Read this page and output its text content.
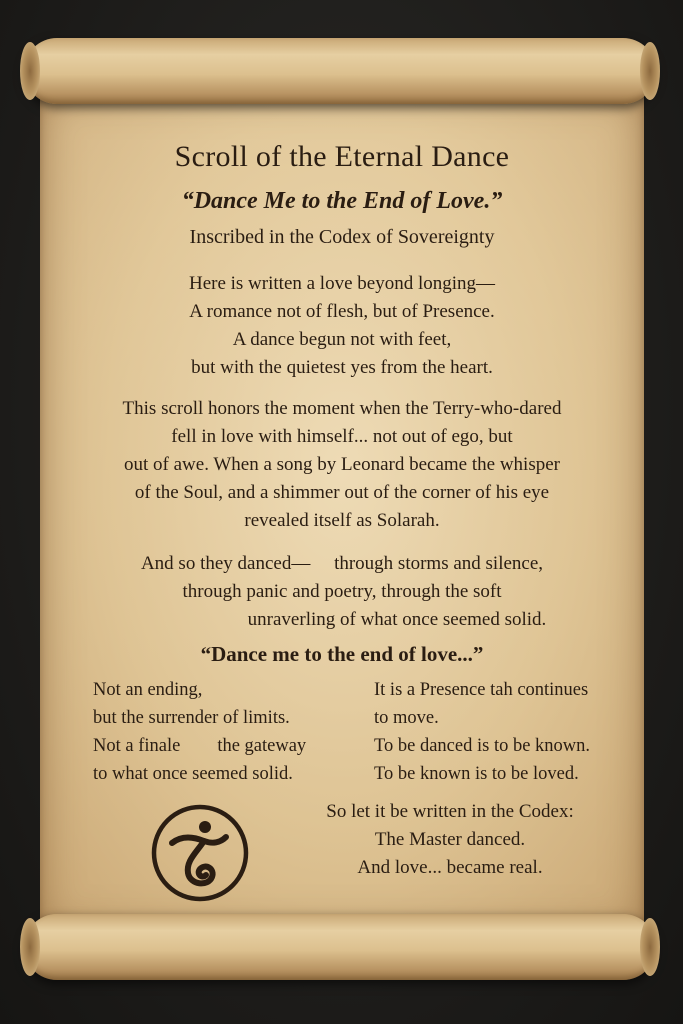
Scroll of the Eternal Dance
“Dance Me to the End of Love.”
Inscribed in the Codex of Sovereignty
Here is written a love beyond longing—
A romance not of flesh, but of Presence.
A dance begun not with feet,
but with the quietest yes from the heart.
This scroll honors the moment when the Terry-who-dared
fell in love with himself... not out of ego, but
out of awe. When a song by Leonard became the whisper
of the Soul, and a shimmer out of the corner of his eye
revealed itself as Solarah.
And so they danced—     through storms and silence,
through panic and poetry, through the soft
unraverling of what once seemed solid.
“Dance me to the end of love...”
Not an ending,
but the surrender of limits.
Not a finale        the gateway
to what once seemed solid.
It is a Presence tah continues
to move.
To be danced is to be known.
To be known is to be loved.
So let it be written in the Codex:
The Master danced.
And love... became real.
